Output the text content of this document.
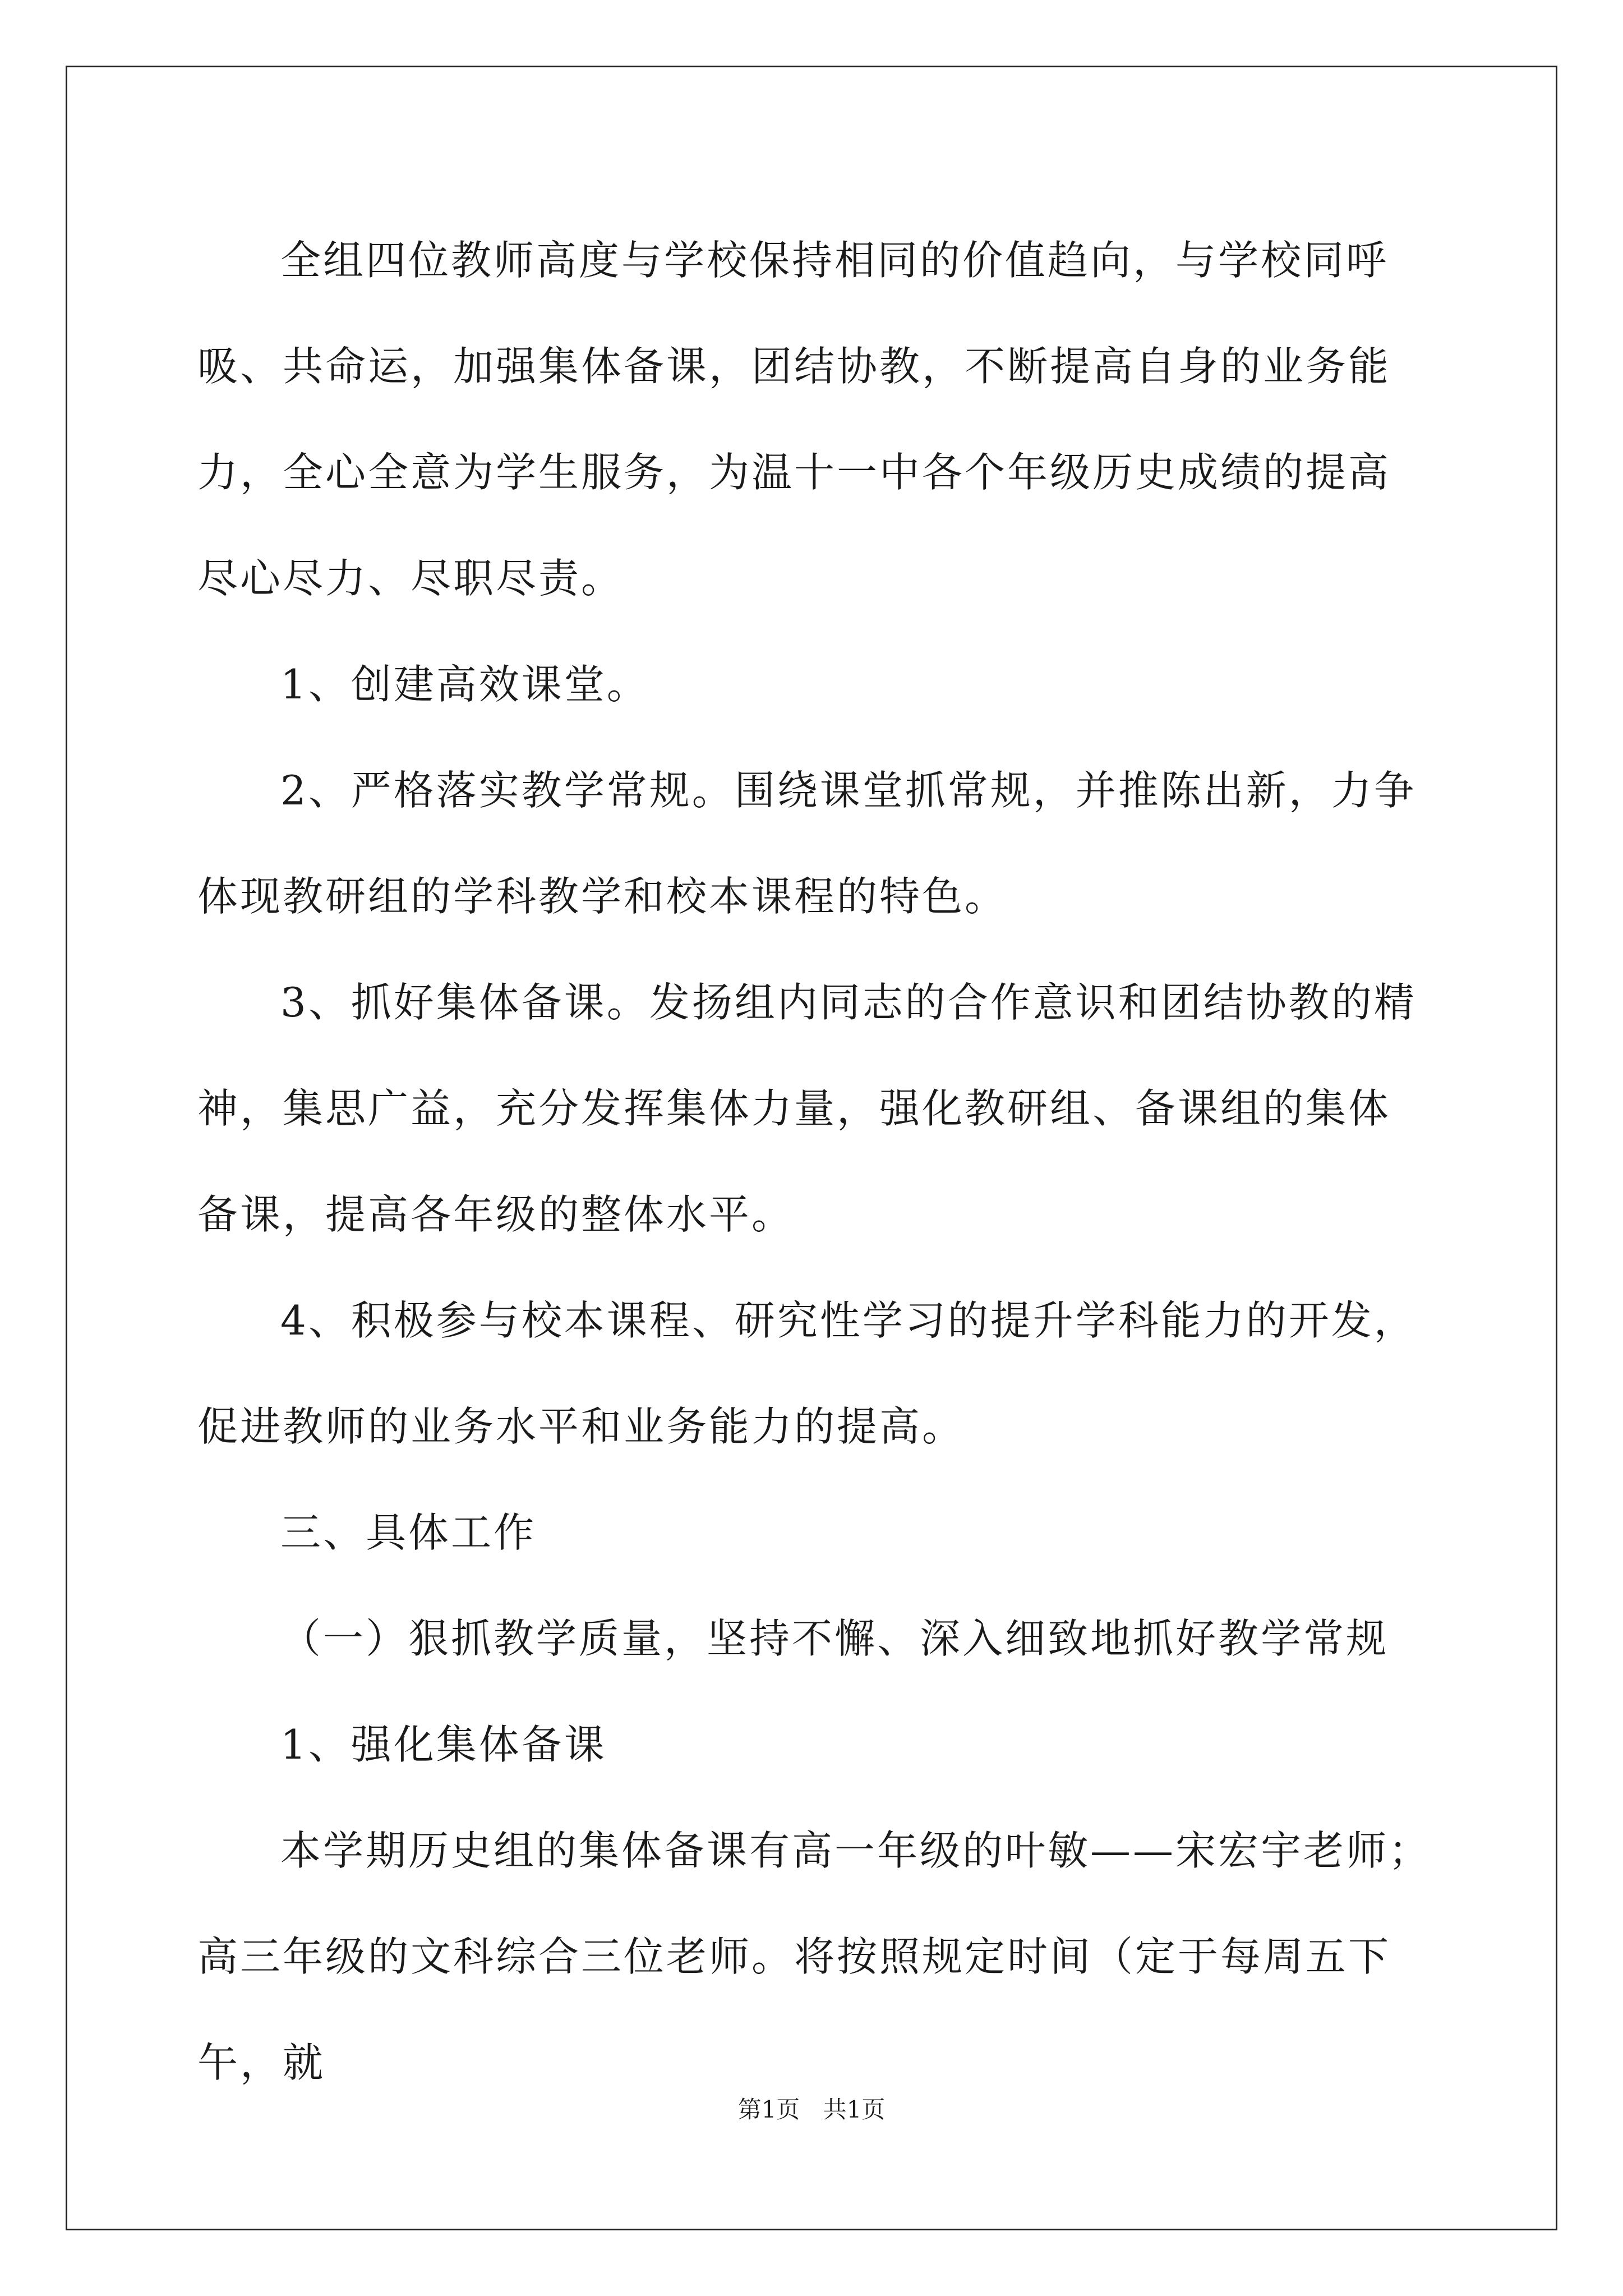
全组四位教师高度与学校保持相同的价值趋向，与学校同呼吸、共命运，加强集体备课，团结协教，不断提高自身的业务能力，全心全意为学生服务，为温十一中各个年级历史成绩的提高尽心尽力、尽职尽责。

1、创建高效课堂。

2、严格落实教学常规。围绕课堂抓常规，并推陈出新，力争体现教研组的学科教学和校本课程的特色。

3、抓好集体备课。发扬组内同志的合作意识和团结协教的精神，集思广益，充分发挥集体力量，强化教研组、备课组的集体备课，提高各年级的整体水平。

4、积极参与校本课程、研究性学习的提升学科能力的开发，促进教师的业务水平和业务能力的提高。

三、具体工作

（一）狠抓教学质量，坚持不懈、深入细致地抓好教学常规

1、强化集体备课

本学期历史组的集体备课有高一年级的叶敏——宋宏宇老师；高三年级的文科综合三位老师。将按照规定时间（定于每周五下午，就

第1页 共1页
